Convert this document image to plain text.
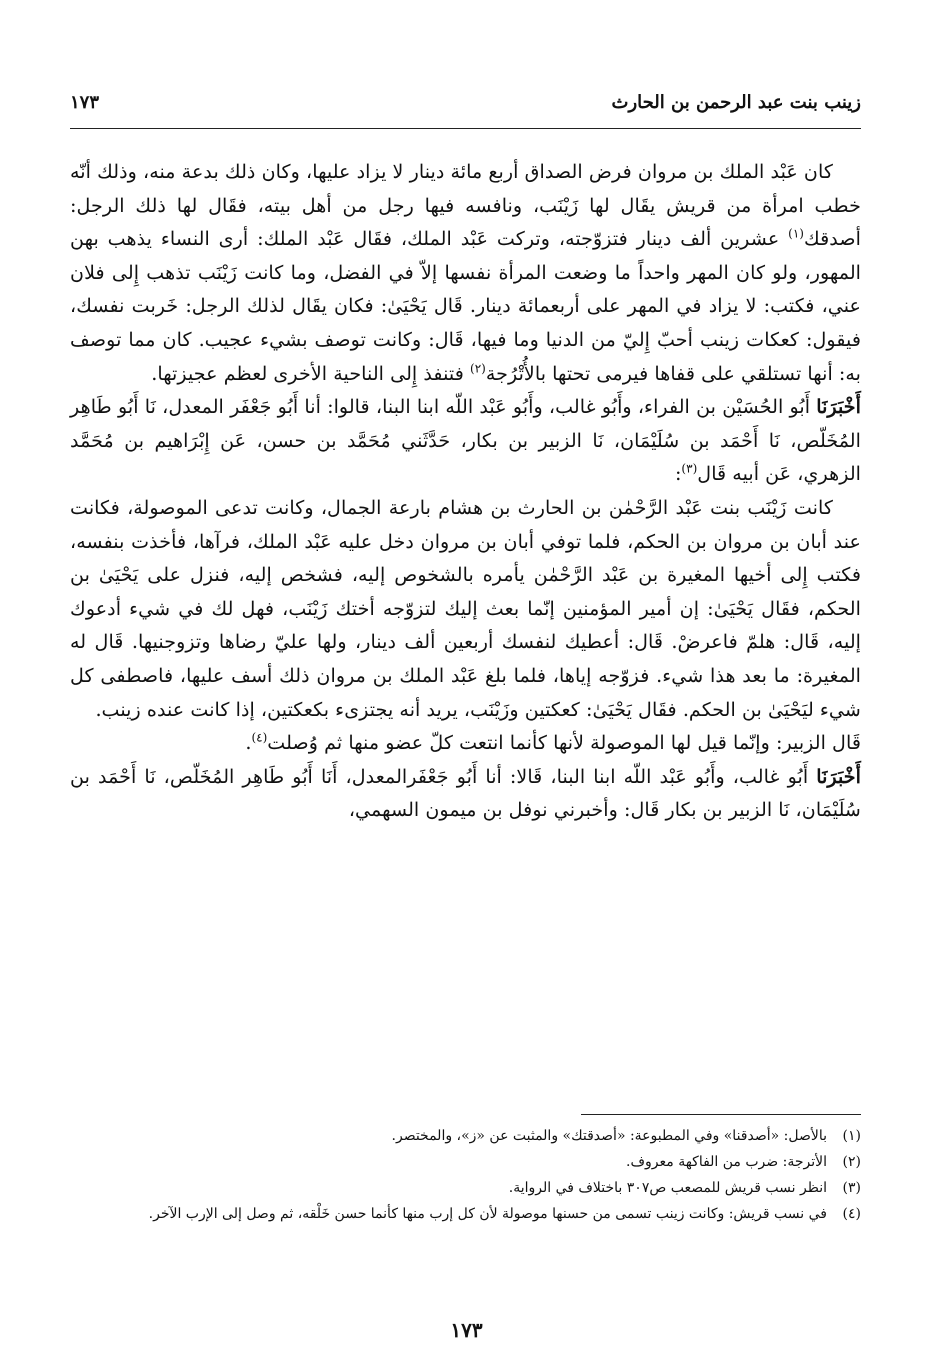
زينب بنت عبد الرحمن بن الحارث
١٧٣

كان عَبْد الملك بن مروان فرض الصداق أربع مائة دينار لا يزاد عليها، وكان ذلك بدعة منه، وذلك أنّه خطب امرأة من قريش يقَال لها زَيْنَب، ونافسه فيها رجل من أهل بيته، فقَال لها ذلك الرجل: أصدقك$^{(١)}$ عشرين ألف دينار فتزوّجته، وتركت عَبْد الملك، فقَال عَبْد الملك: أرى النساء يذهب بهن المهور، ولو كان المهر واحداً ما وضعت المرأة نفسها إلاّ في الفضل، وما كانت زَيْنَب تذهب إِلى فلان عني، فكتب: لا يزاد في المهر على أربعمائة دينار. قَال يَحْيَىٰ: فكان يقَال لذلك الرجل: خَربت نفسك، فيقول: كعكات زينب أحبّ إِليّ من الدنيا وما فيها، قَال: وكانت توصف بشيء عجيب. كان مما توصف به: أنها تستلقي على قفاها فيرمى تحتها بالأُتْرُجة$^{(٢)}$ فتنفذ إِلى الناحية الأخرى لعظم عجيزتها.

أَخْبَرَنَا أَبُو الحُسَيْن بن الفراء، وأَبُو غالب، وأَبُو عَبْد اللّه ابنا البنا، قالوا: أنا أَبُو جَعْفَر المعدل، نَا أَبُو طَاهِر المُخَلّص، نَا أَحْمَد بن سُلَيْمَان، نَا الزبير بن بكار، حَدَّثَني مُحَمَّد بن حسن، عَن إِبْرَاهيم بن مُحَمَّد الزهري، عَن أبيه قَال$^{(٣)}$:

كانت زَيْنَب بنت عَبْد الرَّحْمٰن بن الحارث بن هشام بارعة الجمال، وكانت تدعى الموصولة، فكانت عند أبان بن مروان بن الحكم، فلما توفي أبان بن مروان دخل عليه عَبْد الملك، فرآها، فأخذت بنفسه، فكتب إِلى أخيها المغيرة بن عَبْد الرَّحْمٰن يأمره بالشخوص إليه، فشخص إليه، فنزل على يَحْيَىٰ بن الحكم، فقَال يَحْيَىٰ: إن أمير المؤمنين إنّما بعث إليك لتزوّجه أختك زَيْنَب، فهل لك في شيء أدعوك إليه، قَال: هلمّ فاعرضْ. قَال: أعطيك لنفسك أربعين ألف دينار، ولها عليّ رضاها وتزوجنيها. قَال له المغيرة: ما بعد هذا شيء. فزوّجه إياها، فلما بلغ عَبْد الملك بن مروان ذلك أسف عليها، فاصطفى كل شيء ليَحْيَىٰ بن الحكم. فقَال يَحْيَىٰ: كعكتين وزَيْنَب، يريد أنه يجتزىء بكعكتين، إذا كانت عنده زينب.

قَال الزبير: وإنّما قيل لها الموصولة لأنها كأنما انتعت كلّ عضو منها ثم وُصلت$^{(٤)}$.

أَخْبَرَنَا أَبُو غالب، وأَبُو عَبْد اللّه ابنا البنا، قَالا: أنا أَبُو جَعْفَرالمعدل، أَنَا أَبُو طَاهِر المُخَلّص، نَا أَحْمَد بن سُلَيْمَان، نَا الزبير بن بكار قَال: وأخبرني نوفل بن ميمون السهمي،

(١)
بالأصل: «أصدقنا» وفي المطبوعة: «أصدقتك» والمثبت عن «ز»، والمختصر.
(٢)
الأترجة: ضرب من الفاكهة معروف.
(٣)
انظر نسب قريش للمصعب ص٣٠٧ باختلاف في الرواية.
(٤)
في نسب قريش: وكانت زينب تسمى من حسنها موصولة لأن كل إرب منها كأنما حسن خَلْقه، ثم وصل إلى الإرب الآخر.
١٧٣
